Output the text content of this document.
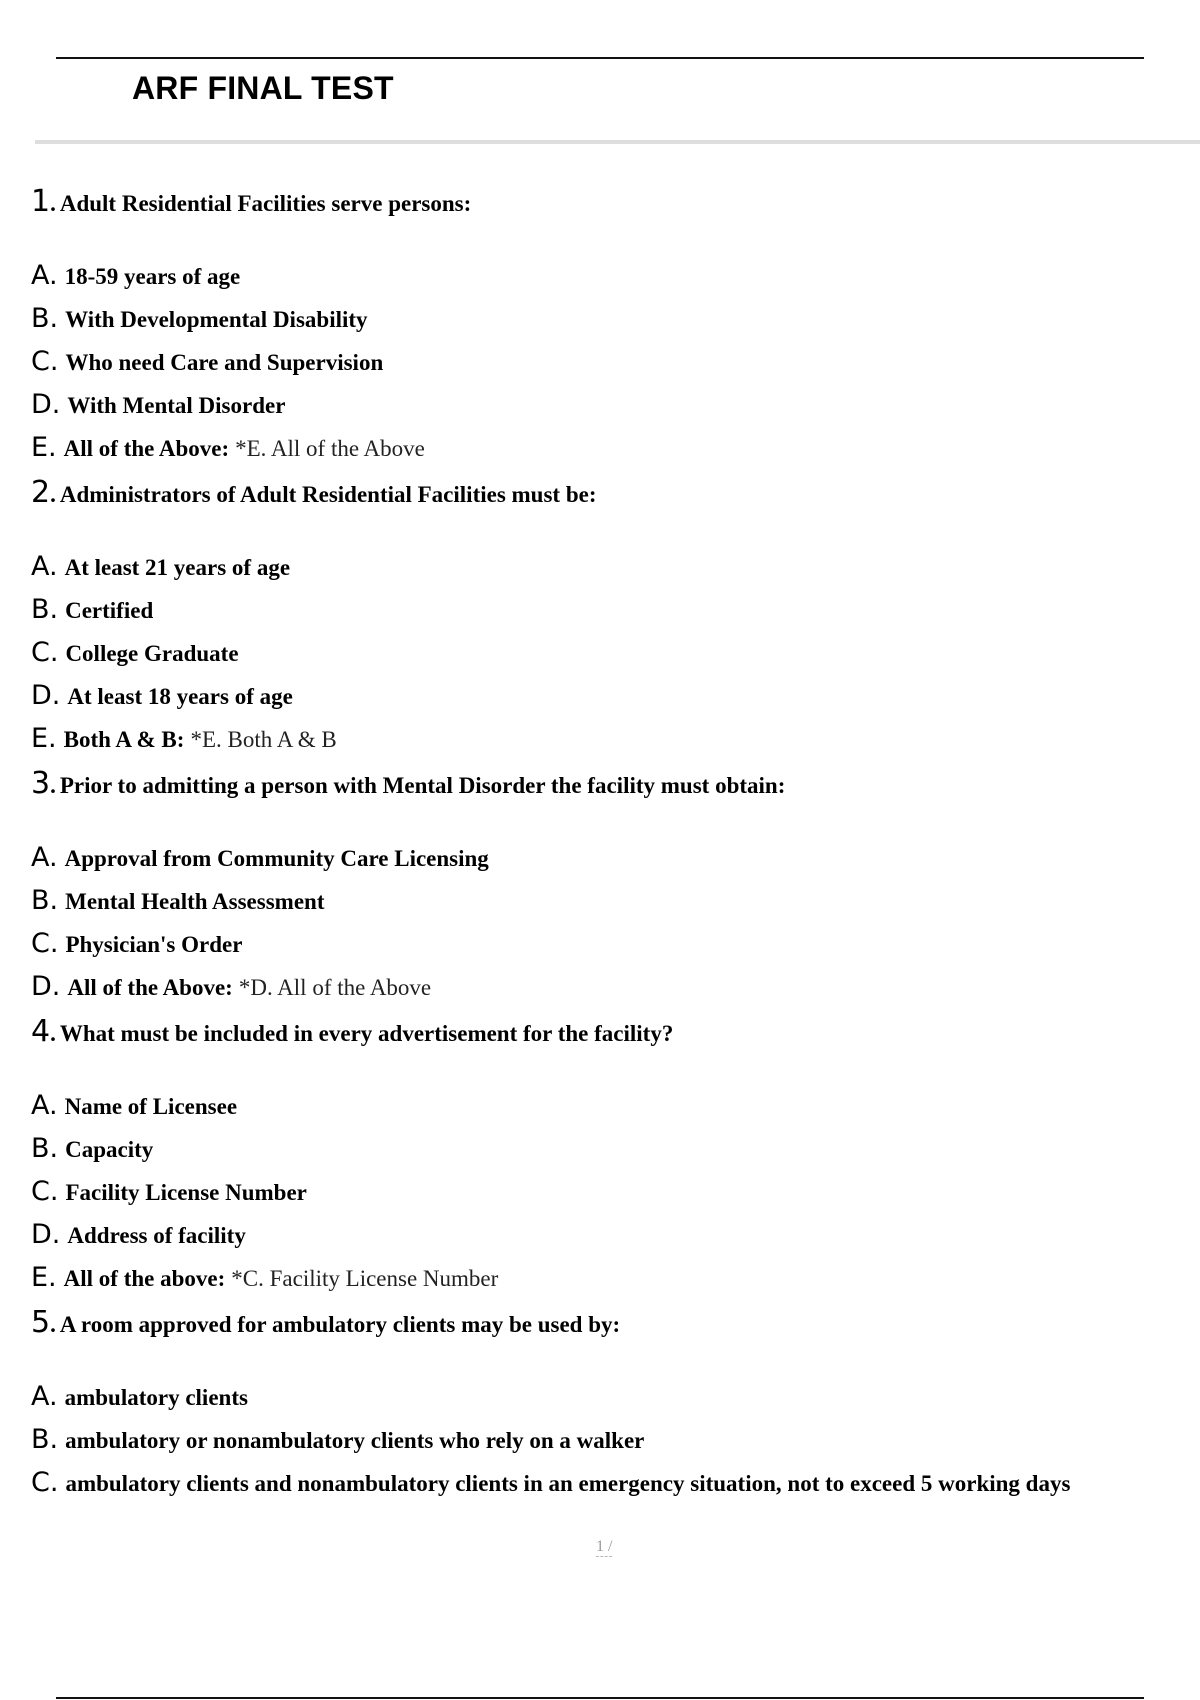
ARF FINAL TEST
1 . Adult Residential Facilities serve persons:
A. 18-59 years of age
B. With Developmental Disability
C. Who need Care and Supervision
D. With Mental Disorder
E. All of the Above: *E. All of the Above
2 . Administrators of Adult Residential Facilities must be:
A. At least 21 years of age
B. Certified
C. College Graduate
D. At least 18 years of age
E. Both A & B: *E. Both A & B
3 . Prior to admitting a person with Mental Disorder the facility must obtain:
A. Approval from Community Care Licensing
B. Mental Health Assessment
C. Physician's Order
D. All of the Above: *D. All of the Above
4 . What must be included in every advertisement for the facility?
A. Name of Licensee
B. Capacity
C. Facility License Number
D. Address of facility
E. All of the above: *C. Facility License Number
5 . A room approved for ambulatory clients may be used by:
A. ambulatory clients
B. ambulatory or nonambulatory clients who rely on a walker
C. ambulatory clients and nonambulatory clients in an emergency situation, not to exceed 5 working days
1 /
